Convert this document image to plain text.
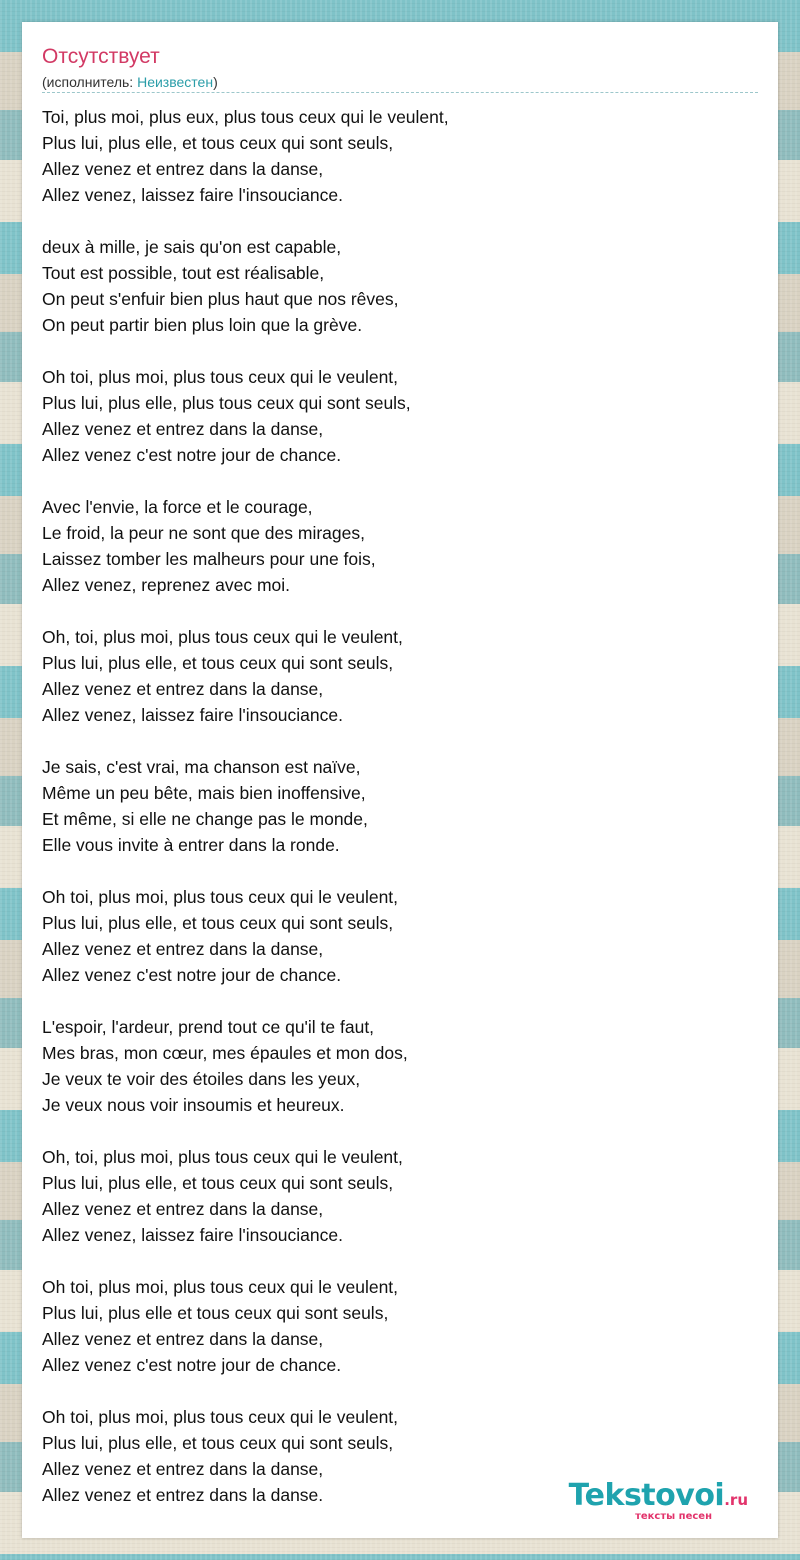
Отсутствует
(исполнитель: Неизвестен)
Toi, plus moi, plus eux, plus tous ceux qui le veulent,
Plus lui, plus elle, et tous ceux qui sont seuls,
Allez venez et entrez dans la danse,
Allez venez, laissez faire l'insouciance.
deux à mille, je sais qu'on est capable,
Tout est possible, tout est réalisable,
On peut s'enfuir bien plus haut que nos rêves,
On peut partir bien plus loin que la grève.
Oh toi, plus moi, plus tous ceux qui le veulent,
Plus lui, plus elle, plus tous ceux qui sont seuls,
Allez venez et entrez dans la danse,
Allez venez c'est notre jour de chance.
Avec l'envie, la force et le courage,
Le froid, la peur ne sont que des mirages,
Laissez tomber les malheurs pour une fois,
Allez venez, reprenez avec moi.
Oh, toi, plus moi, plus tous ceux qui le veulent,
Plus lui, plus elle, et tous ceux qui sont seuls,
Allez venez et entrez dans la danse,
Allez venez, laissez faire l'insouciance.
Je sais, c'est vrai, ma chanson est naïve,
Même un peu bête, mais bien inoffensive,
Et même, si elle ne change pas le monde,
Elle vous invite à entrer dans la ronde.
Oh toi, plus moi, plus tous ceux qui le veulent,
Plus lui, plus elle, et tous ceux qui sont seuls,
Allez venez et entrez dans la danse,
Allez venez c'est notre jour de chance.
L'espoir, l'ardeur, prend tout ce qu'il te faut,
Mes bras, mon cœur, mes épaules et mon dos,
Je veux te voir des étoiles dans les yeux,
Je veux nous voir insoumis et heureux.
Oh, toi, plus moi, plus tous ceux qui le veulent,
Plus lui, plus elle, et tous ceux qui sont seuls,
Allez venez et entrez dans la danse,
Allez venez, laissez faire l'insouciance.
Oh toi, plus moi, plus tous ceux qui le veulent,
Plus lui, plus elle et tous ceux qui sont seuls,
Allez venez et entrez dans la danse,
Allez venez c'est notre jour de chance.
Oh toi, plus moi, plus tous ceux qui le veulent,
Plus lui, plus elle, et tous ceux qui sont seuls,
Allez venez et entrez dans la danse,
Allez venez et entrez dans la danse.	Tekstovoi.ru
тексты песен
